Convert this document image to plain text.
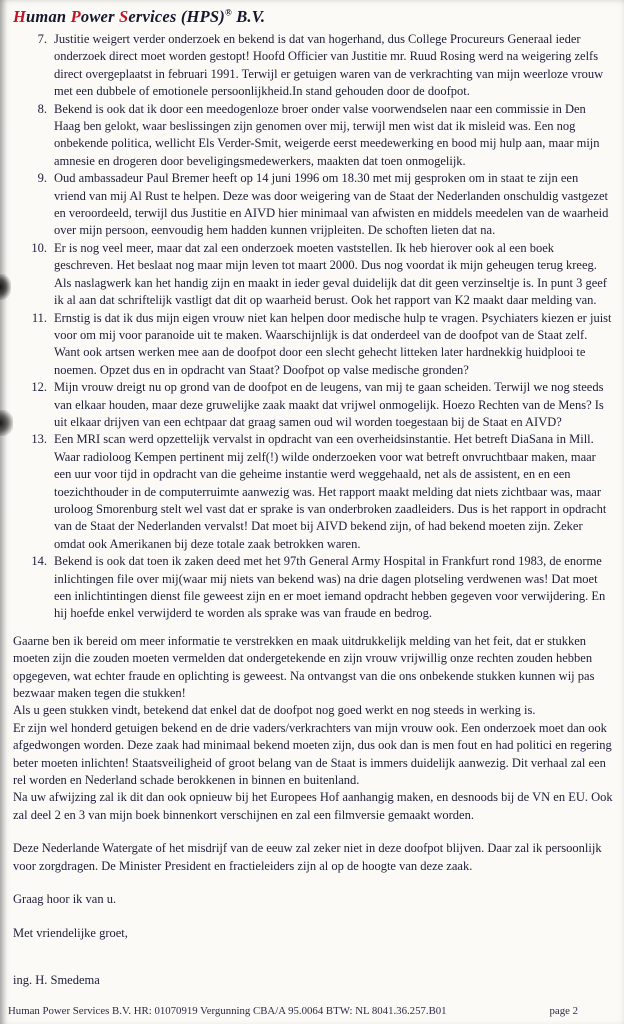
Human Power Services (HPS)® B.V.
7. Justitie weigert verder onderzoek en bekend is dat van hogerhand, dus College Procureurs Generaal ieder onderzoek direct moet worden gestopt! Hoofd Officier van Justitie mr. Ruud Rosing werd na weigering zelfs direct overgeplaatst in februari 1991. Terwijl er getuigen waren van de verkrachting van mijn weerloze vrouw met een dubbele of emotionele persoonlijkheid.In stand gehouden door de doofpot.
8. Bekend is ook dat ik door een meedogenloze broer onder valse voorwendselen naar een commissie in Den Haag ben gelokt, waar beslissingen zijn genomen over mij, terwijl men wist dat ik misleid was. Een nog onbekende politica, wellicht Els Verder-Smit, weigerde eerst meedewerking en bood mij hulp aan, maar mijn amnesie en drogeren door beveligingsmedewerkers, maakten dat toen onmogelijk.
9. Oud ambassadeur Paul Bremer heeft op 14 juni 1996 om 18.30 met mij gesproken om in staat te zijn een vriend van mij Al Rust te helpen. Deze was door weigering van de Staat der Nederlanden onschuldig vastgezet en veroordeeld, terwijl dus Justitie en AIVD hier minimaal van afwisten en middels meedelen van de waarheid over mijn persoon, eenvoudig hem hadden kunnen vrijpleiten. De schoften lieten dat na.
10. Er is nog veel meer, maar dat zal een onderzoek moeten vaststellen. Ik heb hierover ook al een boek geschreven. Het beslaat nog maar mijn leven tot maart 2000. Dus nog voordat ik mijn geheugen terug kreeg. Als naslagwerk kan het handig zijn en maakt in ieder geval duidelijk dat dit geen verzinseltje is. In punt 3 geef ik al aan dat schriftelijk vastligt dat dit op waarheid berust. Ook het rapport van K2 maakt daar melding van.
11. Ernstig is dat ik dus mijn eigen vrouw niet kan helpen door medische hulp te vragen. Psychiaters kiezen er juist voor om mij voor paranoide uit te maken. Waarschijnlijk is dat onderdeel van de doofpot van de Staat zelf. Want ook artsen werken mee aan de doofpot door een slecht gehecht litteken later hardnekkig huidplooi te noemen. Opzet dus en in opdracht van Staat? Doofpot op valse medische gronden?
12. Mijn vrouw dreigt nu op grond van de doofpot en de leugens, van mij te gaan scheiden. Terwijl we nog steeds van elkaar houden, maar deze gruwelijke zaak maakt dat vrijwel onmogelijk. Hoezo Rechten van de Mens? Is uit elkaar drijven van een echtpaar dat graag samen oud wil worden toegestaan bij de Staat en AIVD?
13. Een MRI scan werd opzettelijk vervalst in opdracht van een overheidsinstantie. Het betreft DiaSana in Mill. Waar radioloog Kempen pertinent mij zelf(!) wilde onderzoeken voor wat betreft onvruchtbaar maken, maar een uur voor tijd in opdracht van die geheime instantie werd weggehaald, net als de assistent, en en een toezichthouder in de computerruimte aanwezig was. Het rapport maakt melding dat niets zichtbaar was, maar uroloog Smorenburg stelt wel vast dat er sprake is van onderbroken zaadleiders. Dus is het rapport in opdracht van de Staat der Nederlanden vervalst! Dat moet bij AIVD bekend zijn, of had bekend moeten zijn. Zeker omdat ook Amerikanen bij deze totale zaak betrokken waren.
14. Bekend is ook dat toen ik zaken deed met het 97th General Army Hospital in Frankfurt rond 1983, de enorme inlichtingen file over mij(waar mij niets van bekend was) na drie dagen plotseling verdwenen was! Dat moet een inlichtintingen dienst file geweest zijn en er moet iemand opdracht hebben gegeven voor verwijdering. En hij hoefde enkel verwijderd te worden als sprake was van fraude en bedrog.

Gaarne ben ik bereid om meer informatie te verstrekken en maak uitdrukkelijk melding van het feit, dat er stukken moeten zijn die zouden moeten vermelden dat ondergetekende en zijn vrouw vrijwillig onze rechten zouden hebben opgegeven, wat echter fraude en oplichting is geweest. Na ontvangst van die ons onbekende stukken kunnen wij pas bezwaar maken tegen die stukken!

Als u geen stukken vindt, betekend dat enkel dat de doofpot nog goed werkt en nog steeds in werking is.

Er zijn wel honderd getuigen bekend en de drie vaders/verkrachters van mijn vrouw ook. Een onderzoek moet dan ook afgedwongen worden. Deze zaak had minimaal bekend moeten zijn, dus ook dan is men fout en had politici en regering beter moeten inlichten! Staatsveiligheid of groot belang van de Staat is immers duidelijk aanwezig. Dit verhaal zal een rel worden en Nederland schade berokkenen in binnen en buitenland.

Na uw afwijzing zal ik dit dan ook opnieuw bij het Europees Hof aanhangig maken, en desnoods bij de VN en EU. Ook zal deel 2 en 3 van mijn boek binnenkort verschijnen en zal een filmversie gemaakt worden.

Deze Nederlande Watergate of het misdrijf van de eeuw zal zeker niet in deze doofpot blijven. Daar zal ik persoonlijk voor zorgdragen. De Minister President en fractieleiders zijn al op de hoogte van deze zaak.

Graag hoor ik van u.

Met vriendelijke groet,

ing. H. Smedema

Human Power Services B.V. HR: 01070919 Vergunning CBA/A 95.0064 BTW: NL 8041.36.257.B01	page 2
